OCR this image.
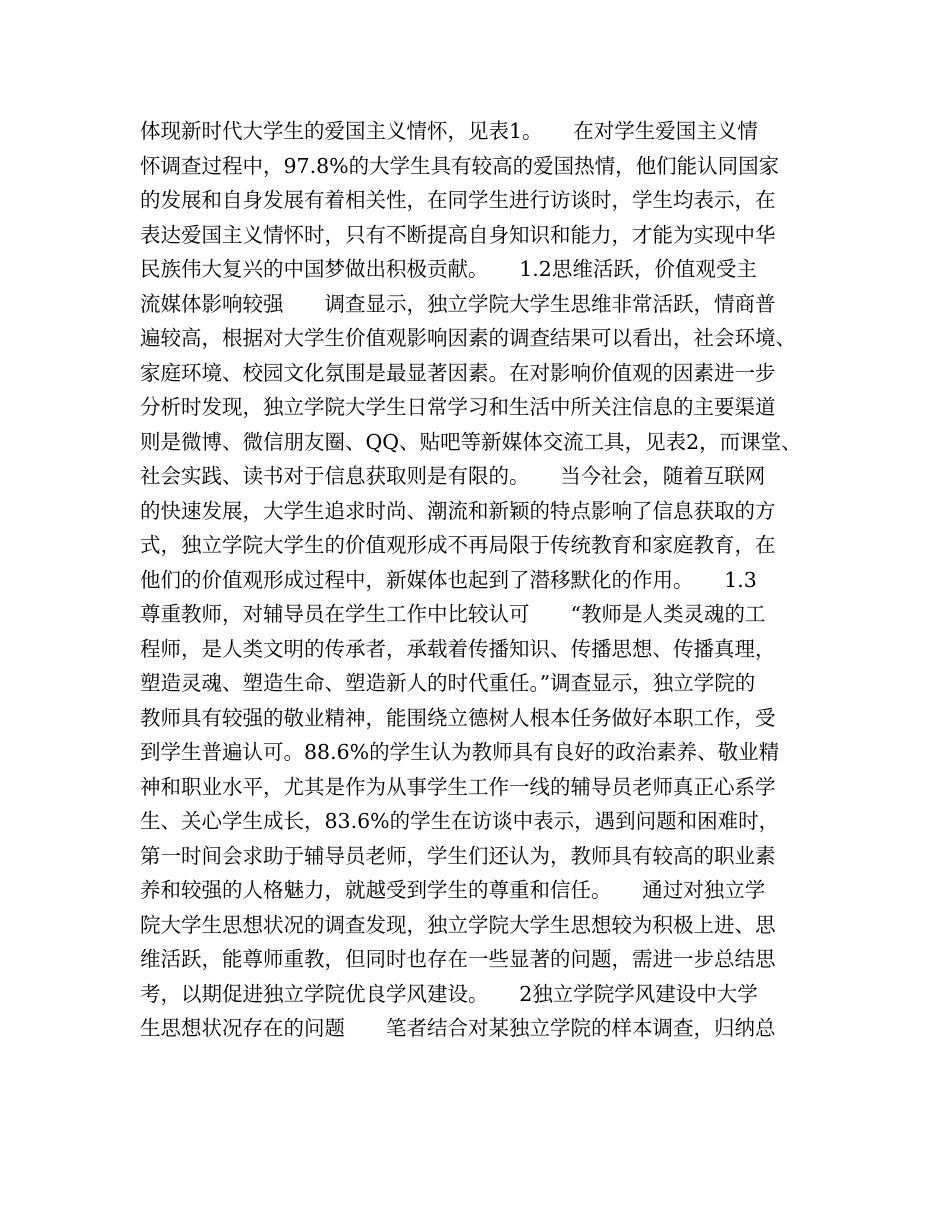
体现新时代大学生的爱国主义情怀，见表1。　　在对学生爱国主义情
怀调查过程中，97.8%的大学生具有较高的爱国热情，他们能认同国家
的发展和自身发展有着相关性，在同学生进行访谈时，学生均表示，在
表达爱国主义情怀时，只有不断提高自身知识和能力，才能为实现中华
民族伟大复兴的中国梦做出积极贡献。　　1.2思维活跃，价值观受主
流媒体影响较强　　调查显示，独立学院大学生思维非常活跃，情商普
遍较高，根据对大学生价值观影响因素的调查结果可以看出，社会环境、
家庭环境、校园文化氛围是最显著因素。在对影响价值观的因素进一步
分析时发现，独立学院大学生日常学习和生活中所关注信息的主要渠道
则是微博、微信朋友圈、QQ、贴吧等新媒体交流工具，见表2，而课堂、
社会实践、读书对于信息获取则是有限的。　　当今社会，随着互联网
的快速发展，大学生追求时尚、潮流和新颖的特点影响了信息获取的方
式，独立学院大学生的价值观形成不再局限于传统教育和家庭教育，在
他们的价值观形成过程中，新媒体也起到了潜移默化的作用。　　1.3
尊重教师，对辅导员在学生工作中比较认可　　“教师是人类灵魂的工
程师，是人类文明的传承者，承载着传播知识、传播思想、传播真理，
塑造灵魂、塑造生命、塑造新人的时代重任。”调查显示，独立学院的
教师具有较强的敬业精神，能围绕立德树人根本任务做好本职工作，受
到学生普遍认可。88.6%的学生认为教师具有良好的政治素养、敬业精
神和职业水平，尤其是作为从事学生工作一线的辅导员老师真正心系学
生、关心学生成长，83.6%的学生在访谈中表示，遇到问题和困难时，
第一时间会求助于辅导员老师，学生们还认为，教师具有较高的职业素
养和较强的人格魅力，就越受到学生的尊重和信任。　　通过对独立学
院大学生思想状况的调查发现，独立学院大学生思想较为积极上进、思
维活跃，能尊师重教，但同时也存在一些显著的问题，需进一步总结思
考，以期促进独立学院优良学风建设。　　2独立学院学风建设中大学
生思想状况存在的问题　　笔者结合对某独立学院的样本调查，归纳总
